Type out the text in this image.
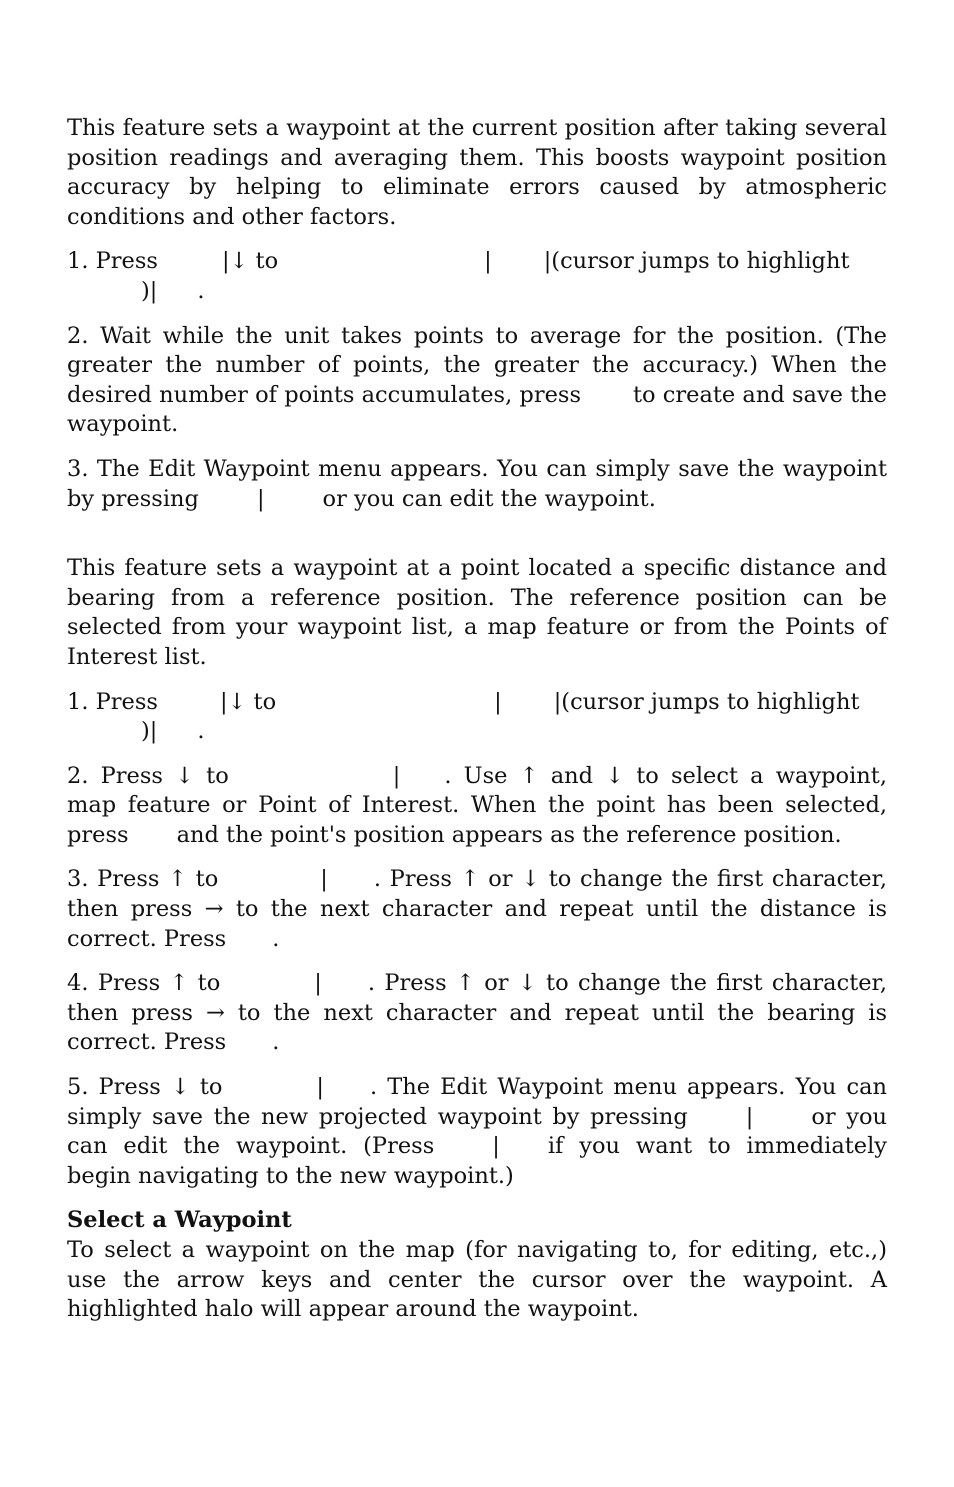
This feature sets a waypoint at the current position after taking several position readings and averaging them. This boosts waypoint position accuracy by helping to eliminate errors caused by atmospheric conditions and other factors.

1. Press	|↓ to	| |(cursor jumps to highlight
)| .

2. Wait while the unit takes points to average for the position. (The greater the number of points, the greater the accuracy.) When the desired number of points accumulates, press to create and save the waypoint.

3. The Edit Waypoint menu appears. You can simply save the waypoint by pressing	|	or you can edit the waypoint.

This feature sets a waypoint at a point located a specific distance and bearing from a reference position. The reference position can be selected from your waypoint list, a map feature or from the Points of Interest list.

1. Press	|↓ to	| |(cursor jumps to highlight
)| .

2. Press ↓ to	| . Use ↑ and ↓ to select a waypoint, map feature or Point of Interest. When the point has been selected, press and the point's position appears as the reference position.

3. Press ↑ to	| . Press ↑ or ↓ to change the first character, then press → to the next character and repeat until the distance is correct. Press .

4. Press ↑ to	| . Press ↑ or ↓ to change the first character, then press → to the next character and repeat until the bearing is correct. Press .

5. Press ↓ to	| . The Edit Waypoint menu appears. You can simply save the new projected waypoint by pressing	|	or you can edit the waypoint. (Press	| if you want to immediately begin navigating to the new waypoint.)

Select a Waypoint

To select a waypoint on the map (for navigating to, for editing, etc.,) use the arrow keys and center the cursor over the waypoint. A highlighted halo will appear around the waypoint.
